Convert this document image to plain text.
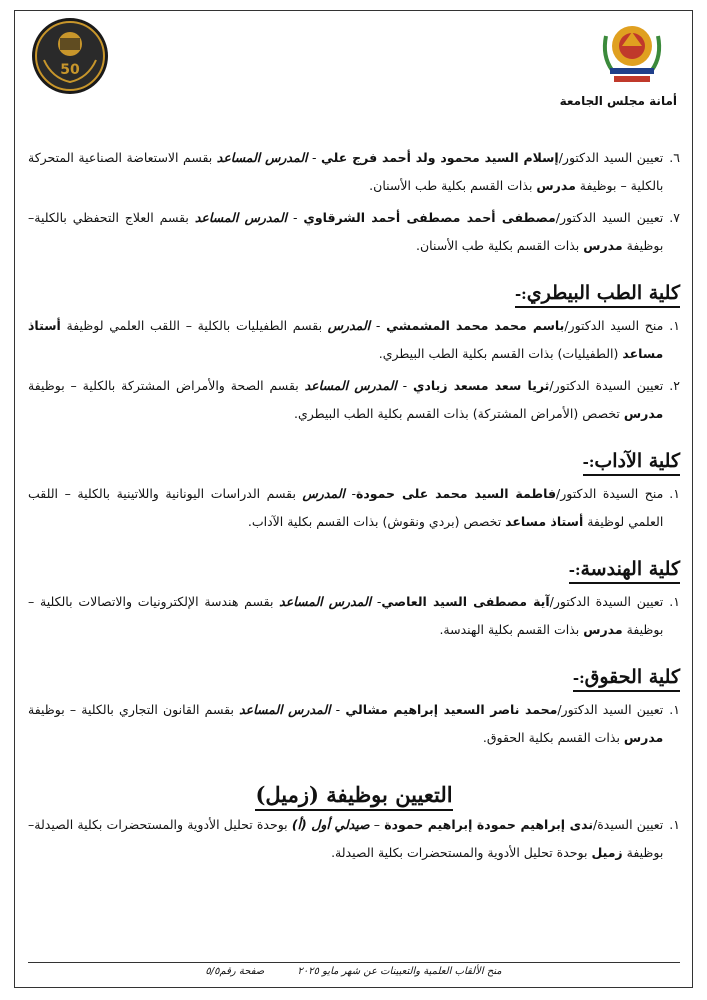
50
أمانة مجلس الجامعة
٦.
تعيين السيد الدكتور/إسلام السيد محمود ولد أحمد فرج علي - المدرس المساعد بقسم الاستعاضة الصناعية المتحركة بالكلية – بوظيفة مدرس بذات القسم بكلية طب الأسنان.
٧.
تعيين السيد الدكتور/مصطفى أحمد مصطفى أحمد الشرقاوي - المدرس المساعد بقسم العلاج التحفظي بالكلية– بوظيفة مدرس بذات القسم بكلية طب الأسنان.
كلية الطب البيطري:-
١.
منح السيد الدكتور/باسم محمد محمد المشمشي - المدرس بقسم الطفيليات بالكلية – اللقب العلمي لوظيفة أستاذ مساعد (الطفيليات) بذات القسم بكلية الطب البيطري.
٢.
تعيين السيدة الدكتور/ثريا سعد مسعد زبادي - المدرس المساعد بقسم الصحة والأمراض المشتركة بالكلية – بوظيفة مدرس تخصص (الأمراض المشتركة) بذات القسم بكلية الطب البيطري.
كلية الآداب:-
١.
منح السيدة الدكتور/فاطمة السيد محمد على حمودة- المدرس بقسم الدراسات اليونانية واللاتينية بالكلية – اللقب العلمي لوظيفة أستاذ مساعد تخصص (بردي ونقوش) بذات القسم بكلية الآداب.
كلية الهندسة:-
١.
تعيين السيدة الدكتور/آية مصطفى السيد العاصي- المدرس المساعد بقسم هندسة الإلكترونيات والاتصالات بالكلية – بوظيفة مدرس بذات القسم بكلية الهندسة.
كلية الحقوق:-
١.
تعيين السيد الدكتور/محمد ناصر السعيد إبراهيم مشالي - المدرس المساعد بقسم القانون التجاري بالكلية – بوظيفة مدرس بذات القسم بكلية الحقوق.
التعيين بوظيفة (زميل)
١.
تعيين السيدة/ندى إبراهيم حمودة إبراهيم حمودة – صيدلي أول (أ) بوحدة تحليل الأدوية والمستحضرات بكلية الصيدلة– بوظيفة زميل بوحدة تحليل الأدوية والمستحضرات بكلية الصيدلة.
منح الألقاب العلمية والتعيينات عن شهر مايو ٢٠٢٥ صفحة رقم٥/٥
